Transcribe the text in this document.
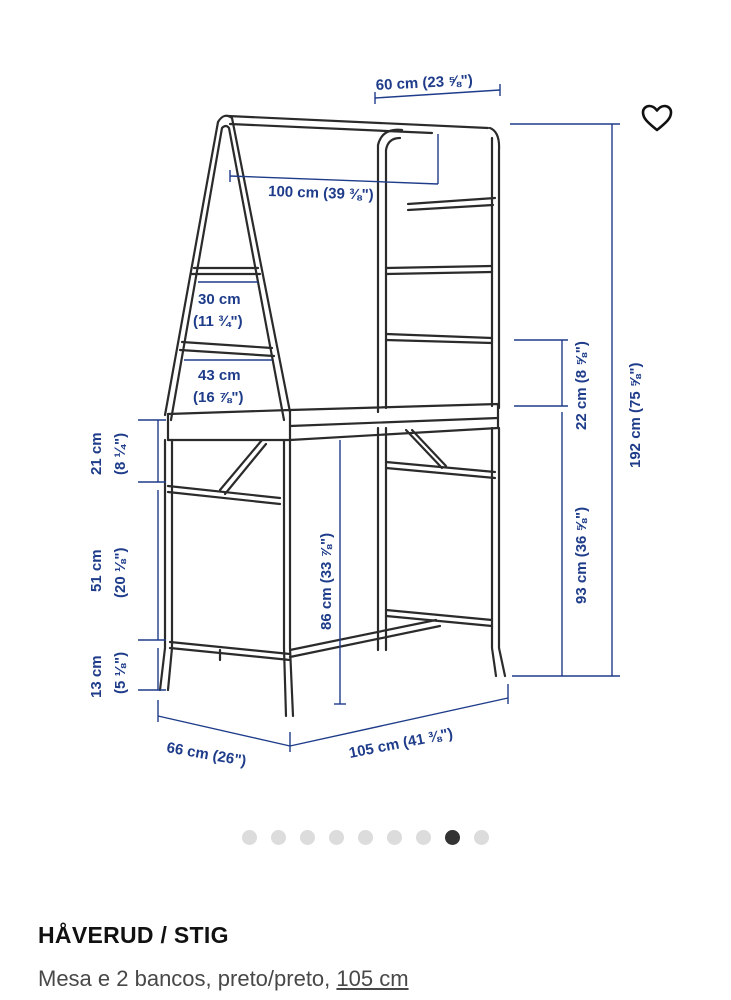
60 cm (23 ⅝")
100 cm (39 ⅜")
30 cm
(11 ¾")
43 cm
(16 ⅞")
21 cm (8 ¼")
51 cm (20 ⅛")
13 cm (5 ⅛")
86 cm (33 ⅞")
22 cm (8 ⅝")
93 cm (36 ⅝")
192 cm (75 ⅝")
66 cm (26")	105 cm (41 ⅜")
HÅVERUD / STIG
Mesa e 2 bancos, preto/preto, 105 cm
